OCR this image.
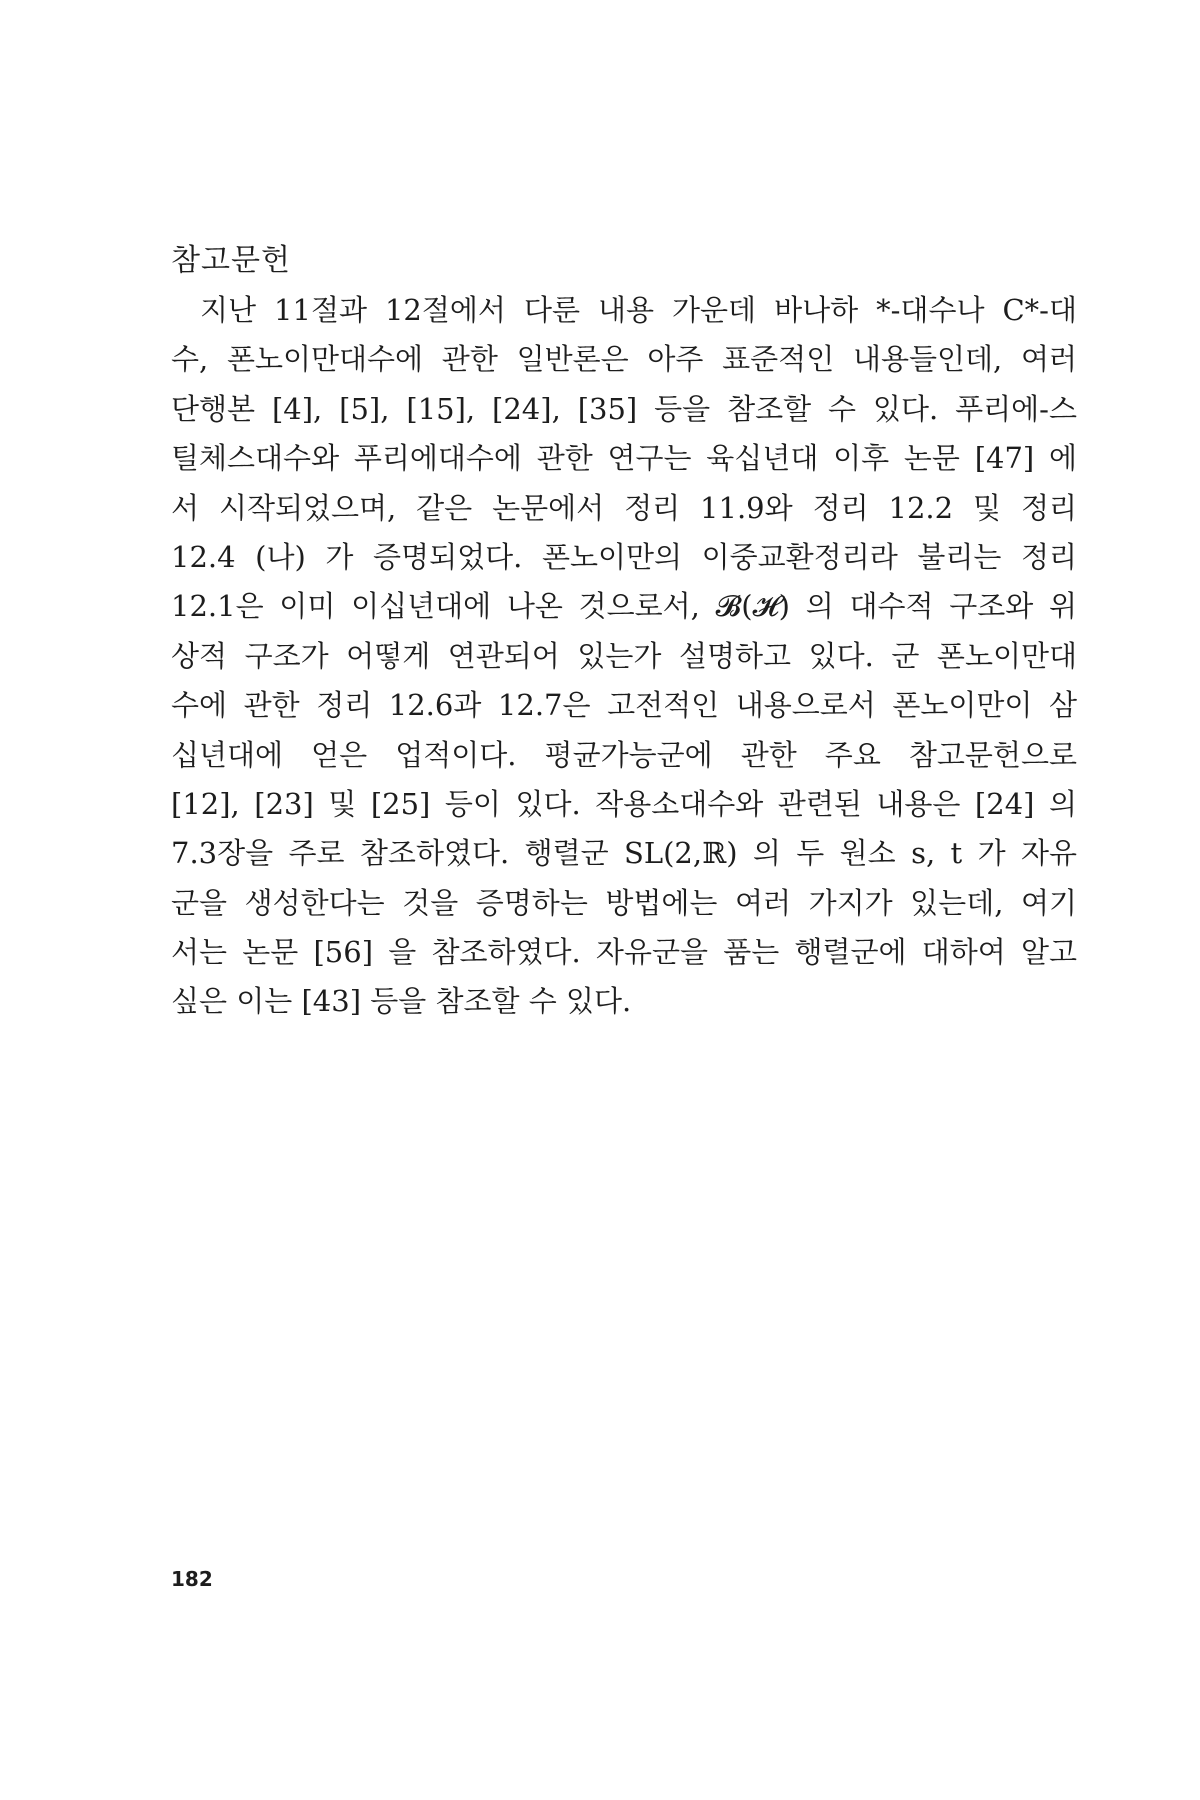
참고문헌
지난 11절과 12절에서 다룬 내용 가운데 바나하 *-대수나 C*-대
수, 폰노이만대수에 관한 일반론은 아주 표준적인 내용들인데, 여러
단행본 [4], [5], [15], [24], [35] 등을 참조할 수 있다. 푸리에-스
틸체스대수와 푸리에대수에 관한 연구는 육십년대 이후 논문 [47] 에
서 시작되었으며, 같은 논문에서 정리 11.9와 정리 12.2 및 정리
12.4 (나) 가 증명되었다. 폰노이만의 이중교환정리라 불리는 정리
12.1은 이미 이십년대에 나온 것으로서, 𝓑(𝓗) 의 대수적 구조와 위
상적 구조가 어떻게 연관되어 있는가 설명하고 있다. 군 폰노이만대
수에 관한 정리 12.6과 12.7은 고전적인 내용으로서 폰노이만이 삼
십년대에 얻은 업적이다. 평균가능군에 관한 주요 참고문헌으로
[12], [23] 및 [25] 등이 있다. 작용소대수와 관련된 내용은 [24] 의
7.3장을 주로 참조하였다. 행렬군 SL(2,ℝ) 의 두 원소 s, t 가 자유
군을 생성한다는 것을 증명하는 방법에는 여러 가지가 있는데, 여기
서는 논문 [56] 을 참조하였다. 자유군을 품는 행렬군에 대하여 알고
싶은 이는 [43] 등을 참조할 수 있다.
182
